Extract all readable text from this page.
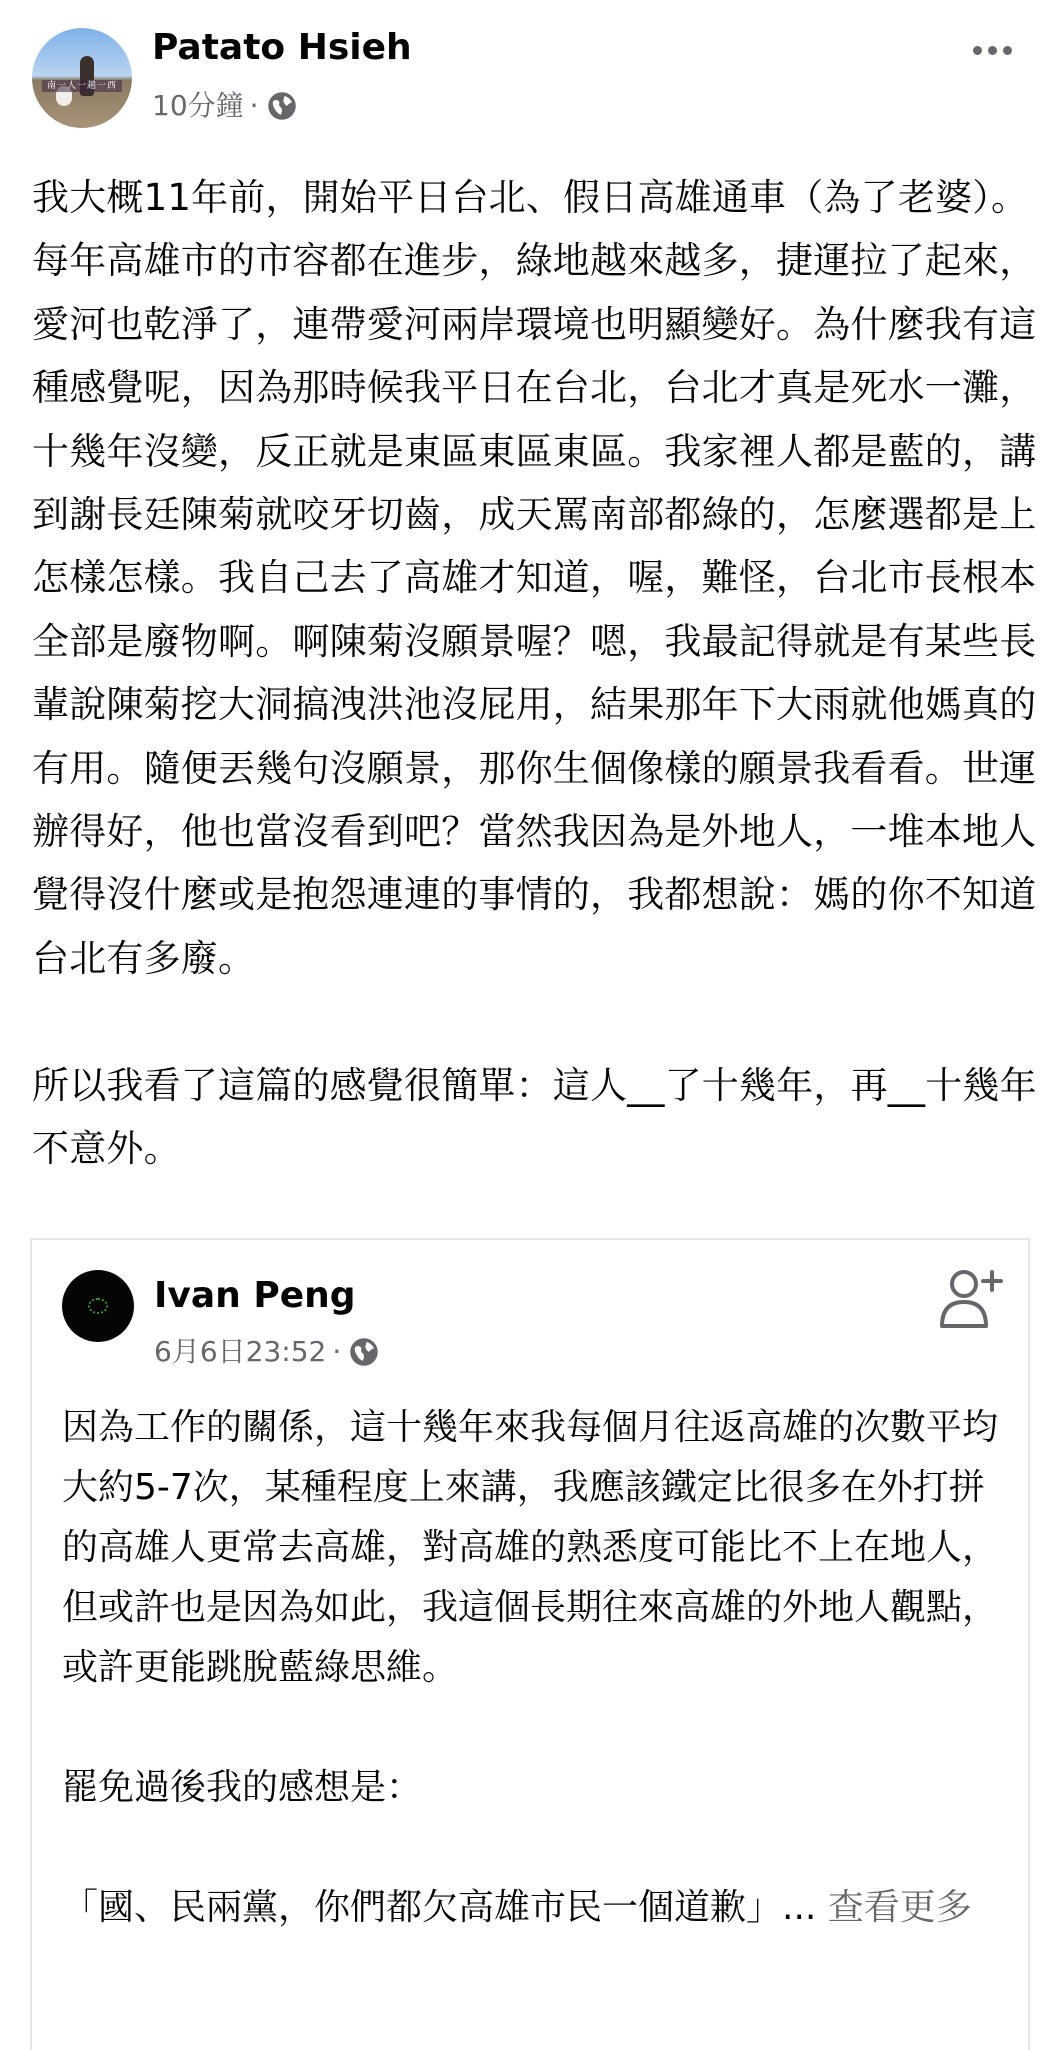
南一人一趟一西
Patato Hsieh
10分鐘 ·
我大概11年前，開始平日台北、假日高雄通車（為了老婆）。每年高雄市的市容都在進步，綠地越來越多，捷運拉了起來，愛河也乾淨了，連帶愛河兩岸環境也明顯變好。為什麼我有這種感覺呢，因為那時候我平日在台北，台北才真是死水一灘，十幾年沒變，反正就是東區東區東區。我家裡人都是藍的，講到謝長廷陳菊就咬牙切齒，成天罵南部都綠的，怎麼選都是上怎樣怎樣。我自己去了高雄才知道，喔，難怪，台北市長根本全部是廢物啊。啊陳菊沒願景喔？嗯，我最記得就是有某些長輩說陳菊挖大洞搞洩洪池沒屁用，結果那年下大雨就他媽真的有用。隨便丟幾句沒願景，那你生個像樣的願景我看看。世運辦得好，他也當沒看到吧？當然我因為是外地人，一堆本地人覺得沒什麼或是抱怨連連的事情的，我都想說：媽的你不知道台北有多廢。

所以我看了這篇的感覺很簡單：這人__了十幾年，再__十幾年不意外。
Ivan Peng
6月6日23:52 ·
因為工作的關係，這十幾年來我每個月往返高雄的次數平均大約5-7次，某種程度上來講，我應該鐵定比很多在外打拼的高雄人更常去高雄，對高雄的熟悉度可能比不上在地人，但或許也是因為如此，我這個長期往來高雄的外地人觀點，或許更能跳脫藍綠思維。

罷免過後我的感想是：

「國、民兩黨，你們都欠高雄市民一個道歉」... 查看更多
